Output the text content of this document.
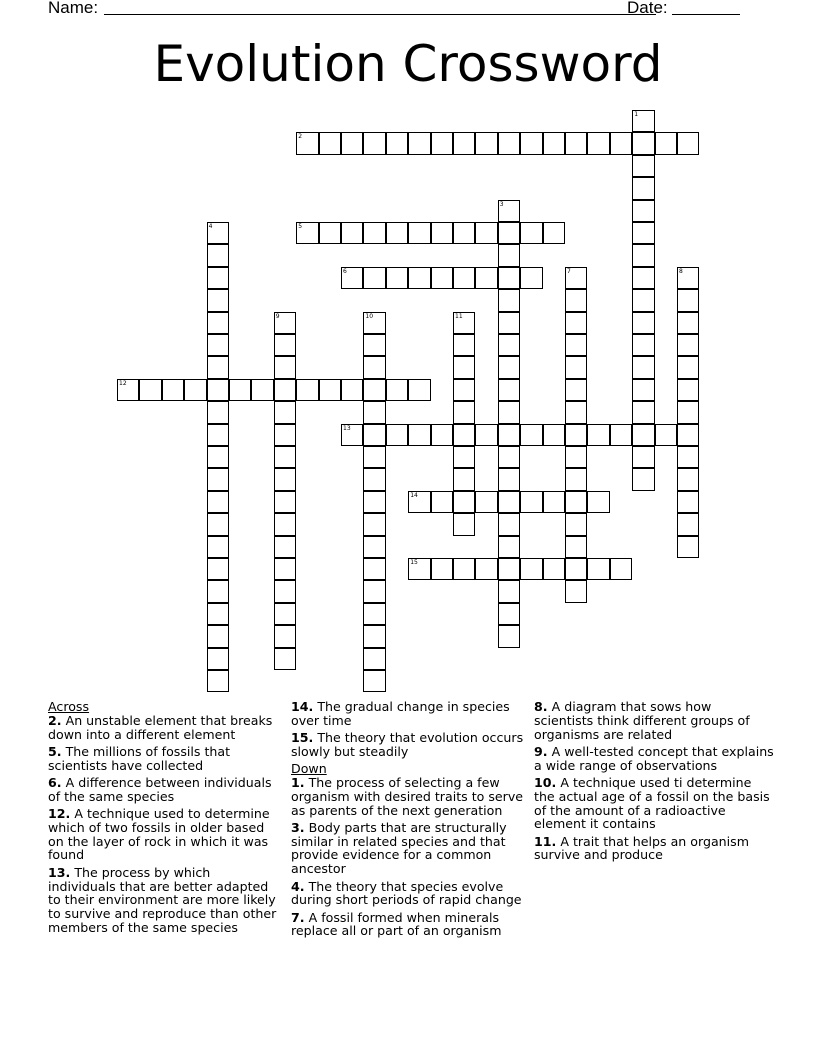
Name:	Date:
Evolution Crossword
1
2
3
4	5
6	7	8
9	10	11
12
13
14
15
Across
2. An unstable element that breaks down into a different element
5. The millions of fossils that scientists have collected
6. A difference between individuals of the same species
12. A technique used to determine which of two fossils in older based on the layer of rock in which it was found
13. The process by which individuals that are better adapted to their environment are more likely to survive and reproduce than other members of the same species
14. The gradual change in species over time
15. The theory that evolution occurs slowly but steadily
Down
1. The process of selecting a few organism with desired traits to serve as parents of the next generation
3. Body parts that are structurally similar in related species and that provide evidence for a common ancestor
4. The theory that species evolve during short periods of rapid change
7. A fossil formed when minerals replace all or part of an organism
8. A diagram that sows how scientists think different groups of organisms are related
9. A well-tested concept that explains a wide range of observations
10. A technique used ti determine the actual age of a fossil on the basis of the amount of a radioactive element it contains
11. A trait that helps an organism survive and produce
